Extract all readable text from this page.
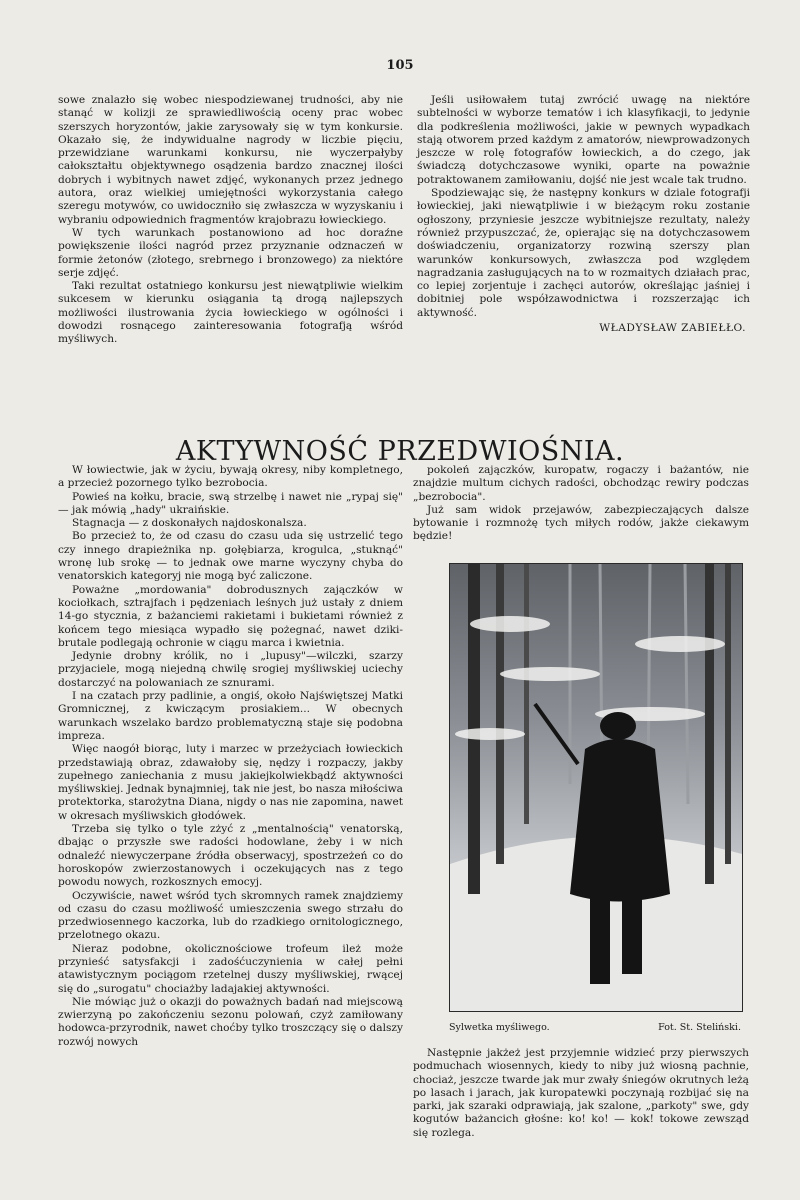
105

sowe znalazło się wobec niespodziewanej trudności, aby nie stanąć w kolizji ze sprawiedliwością oceny prac wobec szerszych horyzontów, jakie zarysowały się w tym konkursie. Okazało się, że indywidualne nagrody w liczbie pięciu, przewidziane warunkami konkursu, nie wyczerpałyby całokształtu objektywnego osądzenia bardzo znacznej ilości dobrych i wybitnych nawet zdjęć, wykonanych przez jednego autora, oraz wielkiej umiejętności wykorzystania całego szeregu motywów, co uwidoczniło się zwłaszcza w wyzyskaniu i wybraniu odpowiednich fragmentów krajobrazu łowieckiego.

W tych warunkach postanowiono ad hoc doraźne powiększenie ilości nagród przez przyznanie odznaczeń w formie żetonów (złotego, srebrnego i bronzowego) za niektóre serje zdjęć.

Taki rezultat ostatniego konkursu jest niewątpliwie wielkim sukcesem w kierunku osiągania tą drogą najlepszych możliwości ilustrowania życia łowieckiego w ogólności i dowodzi rosnącego zainteresowania fotografją wśród myśliwych.

Jeśli usiłowałem tutaj zwrócić uwagę na niektóre subtelności w wyborze tematów i ich klasyfikacji, to jedynie dla podkreślenia możliwości, jakie w pewnych wypadkach stają otworem przed każdym z amatorów, niewprowadzonych jeszcze w rolę fotografów łowieckich, a do czego, jak świadczą dotychczasowe wyniki, oparte na poważnie potraktowanem zamiłowaniu, dojść nie jest wcale tak trudno.

Spodziewając się, że następny konkurs w dziale fotografji łowieckiej, jaki niewątpliwie i w bieżącym roku zostanie ogłoszony, przyniesie jeszcze wybitniejsze rezultaty, należy również przypuszczać, że, opierając się na dotychczasowem doświadczeniu, organizatorzy rozwiną szerszy plan warunków konkursowych, zwłaszcza pod względem nagradzania zasługujących na to w rozmaitych działach prac, co lepiej zorjentuje i zachęci autorów, określając jaśniej i dobitniej pole współzawodnictwa i rozszerzając ich aktywność.

WŁADYSŁAW ZABIEŁŁO.
AKTYWNOŚĆ PRZEDWIOŚNIA.

W łowiectwie, jak w życiu, bywają okresy, niby kompletnego, a przecież pozornego tylko bezrobocia.

Powieś na kołku, bracie, swą strzelbę i nawet nie „rypaj się" — jak mówią „hady" ukraińskie.

Stagnacja — z doskonałych najdoskonalsza.

Bo przecież to, że od czasu do czasu uda się ustrzelić tego czy innego drapieżnika np. gołębiarza, krogulca, „stuknąć" wronę lub srokę — to jednak owe marne wyczyny chyba do venatorskich kategoryj nie mogą być zaliczone.

Poważne „mordowania" dobrodusznych zajączków w kociołkach, sztrajfach i pędzeniach leśnych już ustały z dniem 14-go stycznia, z bażanciemi rakietami i bukietami również z końcem tego miesiąca wypadło się pożegnać, nawet dziki-brutale podlegają ochronie w ciągu marca i kwietnia.

Jedynie drobny królik, no i „lupusy"—wilczki, szarzy przyjaciele, mogą niejedną chwilę srogiej myśliwskiej uciechy dostarczyć na polowaniach ze sznurami.

I na czatach przy padlinie, a ongiś, około Najświętszej Matki Gromnicznej, z kwiczącym prosiakiem... W obecnych warunkach wszelako bardzo problematyczną staje się podobna impreza.

Więc naogół biorąc, luty i marzec w przeżyciach łowieckich przedstawiają obraz, zdawałoby się, nędzy i rozpaczy, jakby zupełnego zaniechania z musu jakiejkolwiekbądź aktywności myśliwskiej. Jednak bynajmniej, tak nie jest, bo nasza miłościwa protektorka, starożytna Diana, nigdy o nas nie zapomina, nawet w okresach myśliwskich głodówek.

Trzeba się tylko o tyle zżyć z „mentalnością" venatorską, dbając o przyszłe swe radości hodowlane, żeby i w nich odnaleźć niewyczerpane źródła obserwacyj, spostrzeżeń co do horoskopów zwierzostanowych i oczekujących nas z tego powodu nowych, rozkosznych emocyj.

Oczywiście, nawet wśród tych skromnych ramek znajdziemy od czasu do czasu możliwość umieszczenia swego strzału do przedwiosennego kaczorka, lub do rzadkiego ornitologicznego, przelotnego okazu.

Nieraz podobne, okolicznościowe trofeum ileż może przynieść satysfakcji i zadośćuczynienia w całej pełni atawistycznym pociągom rzetelnej duszy myśliwskiej, rwącej się do „surogatu" chociażby ladajakiej aktywności.

Nie mówiąc już o okazji do poważnych badań nad miejscową zwierzyną po zakończeniu sezonu polowań, czyż zamiłowany hodowca-przyrodnik, nawet choćby tylko troszczący się o dalszy rozwój nowych

pokoleń zajączków, kuropatw, rogaczy i bażantów, nie znajdzie multum cichych radości, obchodząc rewiry podczas „bezrobocia".

Już sam widok przejawów, zabezpieczających dalsze bytowanie i rozmnożę tych miłych rodów, jakże ciekawym będzie!

Sylwetka myśliwego.	Fot. St. Steliński.

Następnie jakżeż jest przyjemnie widzieć przy pierwszych podmuchach wiosennych, kiedy to niby już wiosną pachnie, chociaż, jeszcze twarde jak mur zwały śniegów okrutnych leżą po lasach i jarach, jak kuropatewki poczynają rozbijać się na parki, jak szaraki odprawiają, jak szalone, „parkoty" swe, gdy kogutów bażancich głośne: ko! ko! — kok! tokowe zewsząd się rozlega.
